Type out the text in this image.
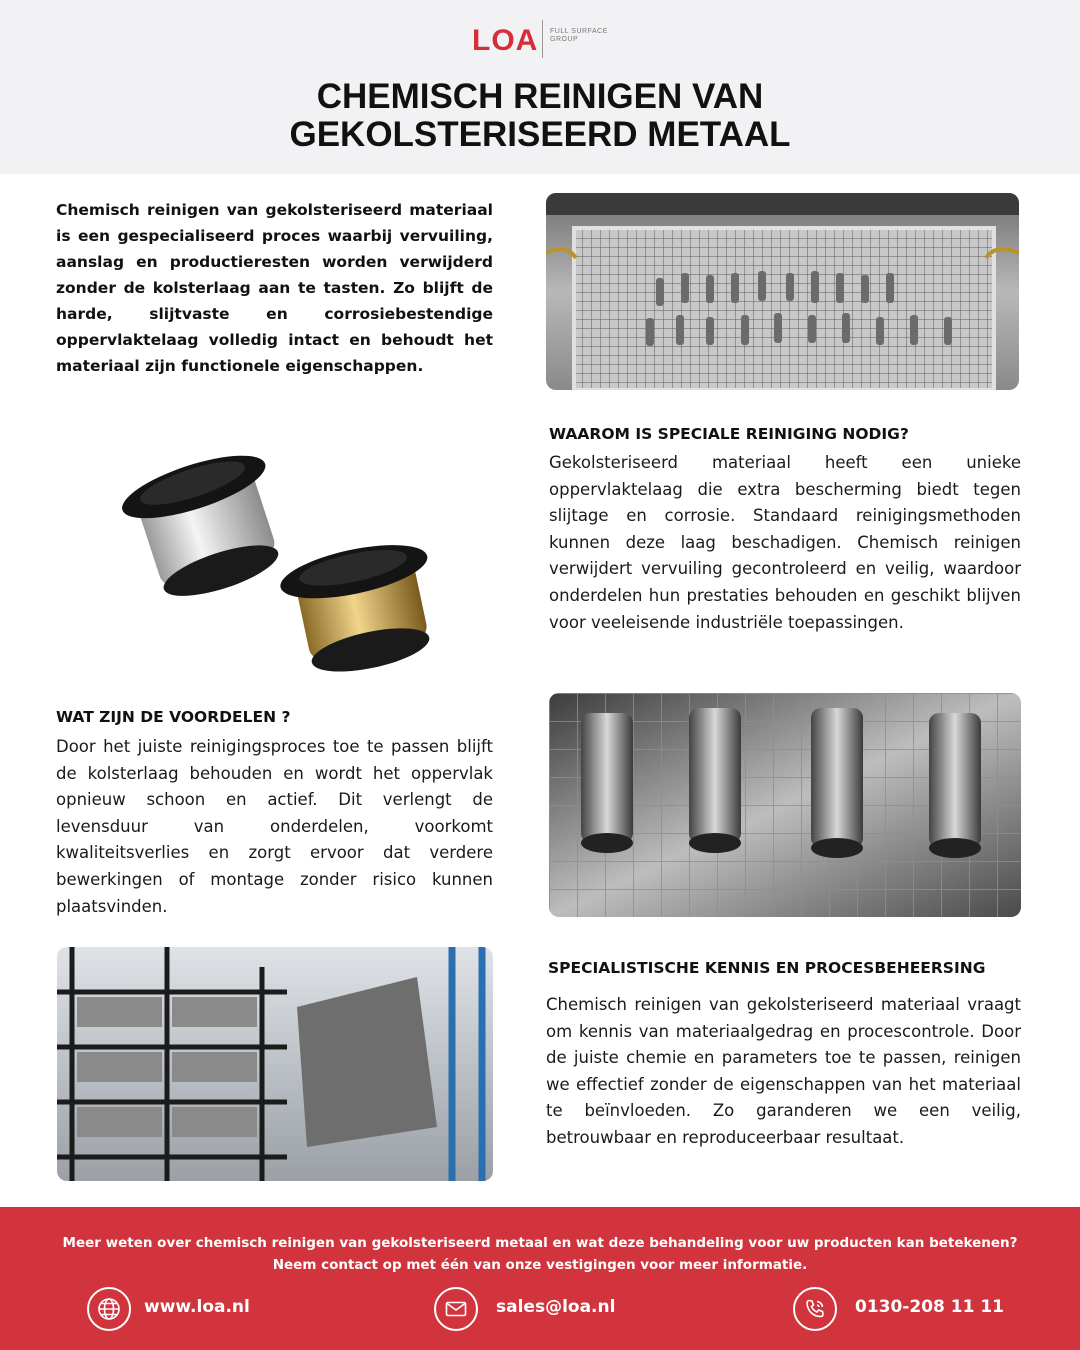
LOA FULL SURFACE GROUP
CHEMISCH REINIGEN VAN
GEKOLSTERISEERD METAAL

Chemisch reinigen van gekolsteriseerd materiaal is een gespecialiseerd proces waarbij vervuiling, aanslag en productieresten worden verwijderd zonder de kolsterlaag aan te tasten. Zo blijft de harde, slijtvaste en corrosiebestendige oppervlaktelaag volledig intact en behoudt het materiaal zijn functionele eigenschappen.

WAAROM IS SPECIALE REINIGING NODIG?

Gekolsteriseerd materiaal heeft een unieke oppervlaktelaag die extra bescherming biedt tegen slijtage en corrosie. Standaard reinigingsmethoden kunnen deze laag beschadigen. Chemisch reinigen verwijdert vervuiling gecontroleerd en veilig, waardoor onderdelen hun prestaties behouden en geschikt blijven voor veeleisende industriële toepassingen.

WAT ZIJN DE VOORDELEN ?

Door het juiste reinigingsproces toe te passen blijft de kolsterlaag behouden en wordt het oppervlak opnieuw schoon en actief. Dit verlengt de levensduur van onderdelen, voorkomt kwaliteitsverlies en zorgt ervoor dat verdere bewerkingen of montage zonder risico kunnen plaatsvinden.

SPECIALISTISCHE KENNIS EN PROCESBEHEERSING

Chemisch reinigen van gekolsteriseerd materiaal vraagt om kennis van materiaalgedrag en procescontrole. Door de juiste chemie en parameters toe te passen, reinigen we effectief zonder de eigenschappen van het materiaal te beïnvloeden. Zo garanderen we een veilig, betrouwbaar en reproduceerbaar resultaat.

Meer weten over chemisch reinigen van gekolsteriseerd metaal en wat deze behandeling voor uw producten kan betekenen?
Neem contact op met één van onze vestigingen voor meer informatie.

www.loa.nl	sales@loa.nl	0130-208 11 11
